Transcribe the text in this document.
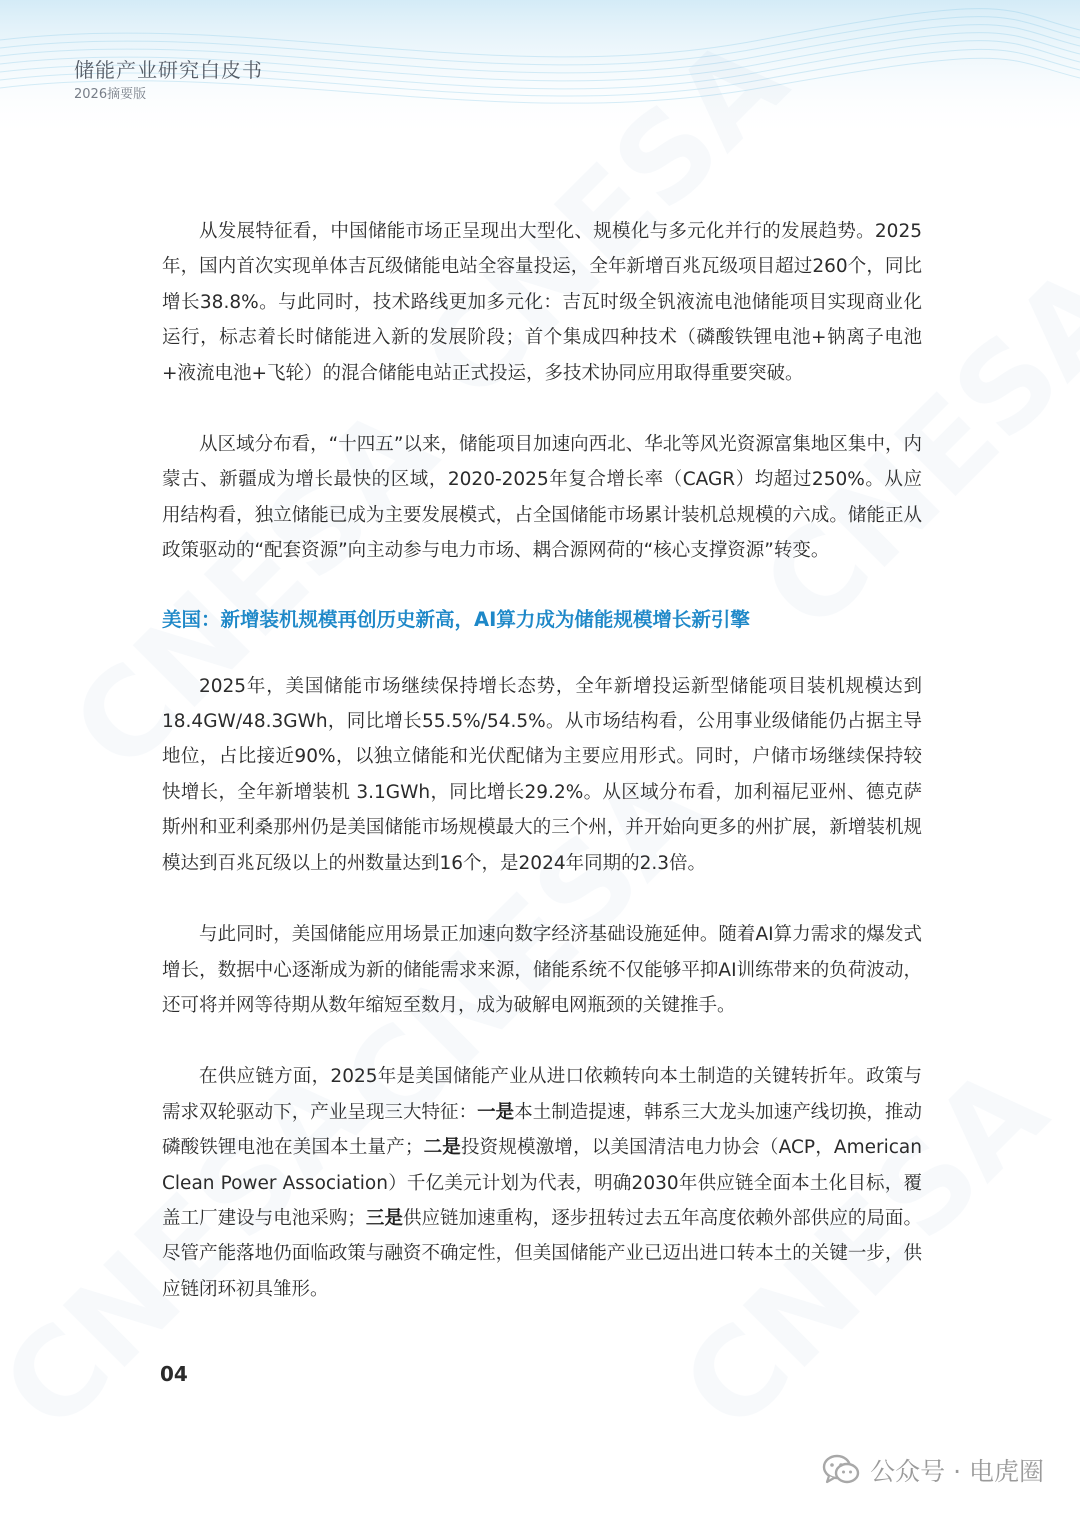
储能产业研究白皮书
2026摘要版

从发展特征看，中国储能市场正呈现出大型化、规模化与多元化并行的发展趋势。2025年，国内首次实现单体吉瓦级储能电站全容量投运，全年新增百兆瓦级项目超过260个，同比增长38.8%。与此同时，技术路线更加多元化：吉瓦时级全钒液流电池储能项目实现商业化运行，标志着长时储能进入新的发展阶段；首个集成四种技术（磷酸铁锂电池+钠离子电池+液流电池+飞轮）的混合储能电站正式投运，多技术协同应用取得重要突破。

从区域分布看，“十四五”以来，储能项目加速向西北、华北等风光资源富集地区集中，内蒙古、新疆成为增长最快的区域，2020-2025年复合增长率（CAGR）均超过250%。从应用结构看，独立储能已成为主要发展模式，占全国储能市场累计装机总规模的六成。储能正从政策驱动的“配套资源”向主动参与电力市场、耦合源网荷的“核心支撑资源”转变。

美国：新增装机规模再创历史新高，AI算力成为储能规模增长新引擎

2025年，美国储能市场继续保持增长态势，全年新增投运新型储能项目装机规模达到18.4GW/48.3GWh，同比增长55.5%/54.5%。从市场结构看，公用事业级储能仍占据主导地位，占比接近90%，以独立储能和光伏配储为主要应用形式。同时，户储市场继续保持较快增长，全年新增装机 3.1GWh，同比增长29.2%。从区域分布看，加利福尼亚州、德克萨斯州和亚利桑那州仍是美国储能市场规模最大的三个州，并开始向更多的州扩展，新增装机规模达到百兆瓦级以上的州数量达到16个，是2024年同期的2.3倍。

与此同时，美国储能应用场景正加速向数字经济基础设施延伸。随着AI算力需求的爆发式增长，数据中心逐渐成为新的储能需求来源，储能系统不仅能够平抑AI训练带来的负荷波动，还可将并网等待期从数年缩短至数月，成为破解电网瓶颈的关键推手。

在供应链方面，2025年是美国储能产业从进口依赖转向本土制造的关键转折年。政策与需求双轮驱动下，产业呈现三大特征：一是本土制造提速，韩系三大龙头加速产线切换，推动磷酸铁锂电池在美国本土量产；二是投资规模激增，以美国清洁电力协会（ACP，American Clean Power Association）千亿美元计划为代表，明确2030年供应链全面本土化目标，覆盖工厂建设与电池采购；三是供应链加速重构，逐步扭转过去五年高度依赖外部供应的局面。尽管产能落地仍面临政策与融资不确定性，但美国储能产业已迈出进口转本土的关键一步，供应链闭环初具雏形。

04
公众号 · 电虎圈
